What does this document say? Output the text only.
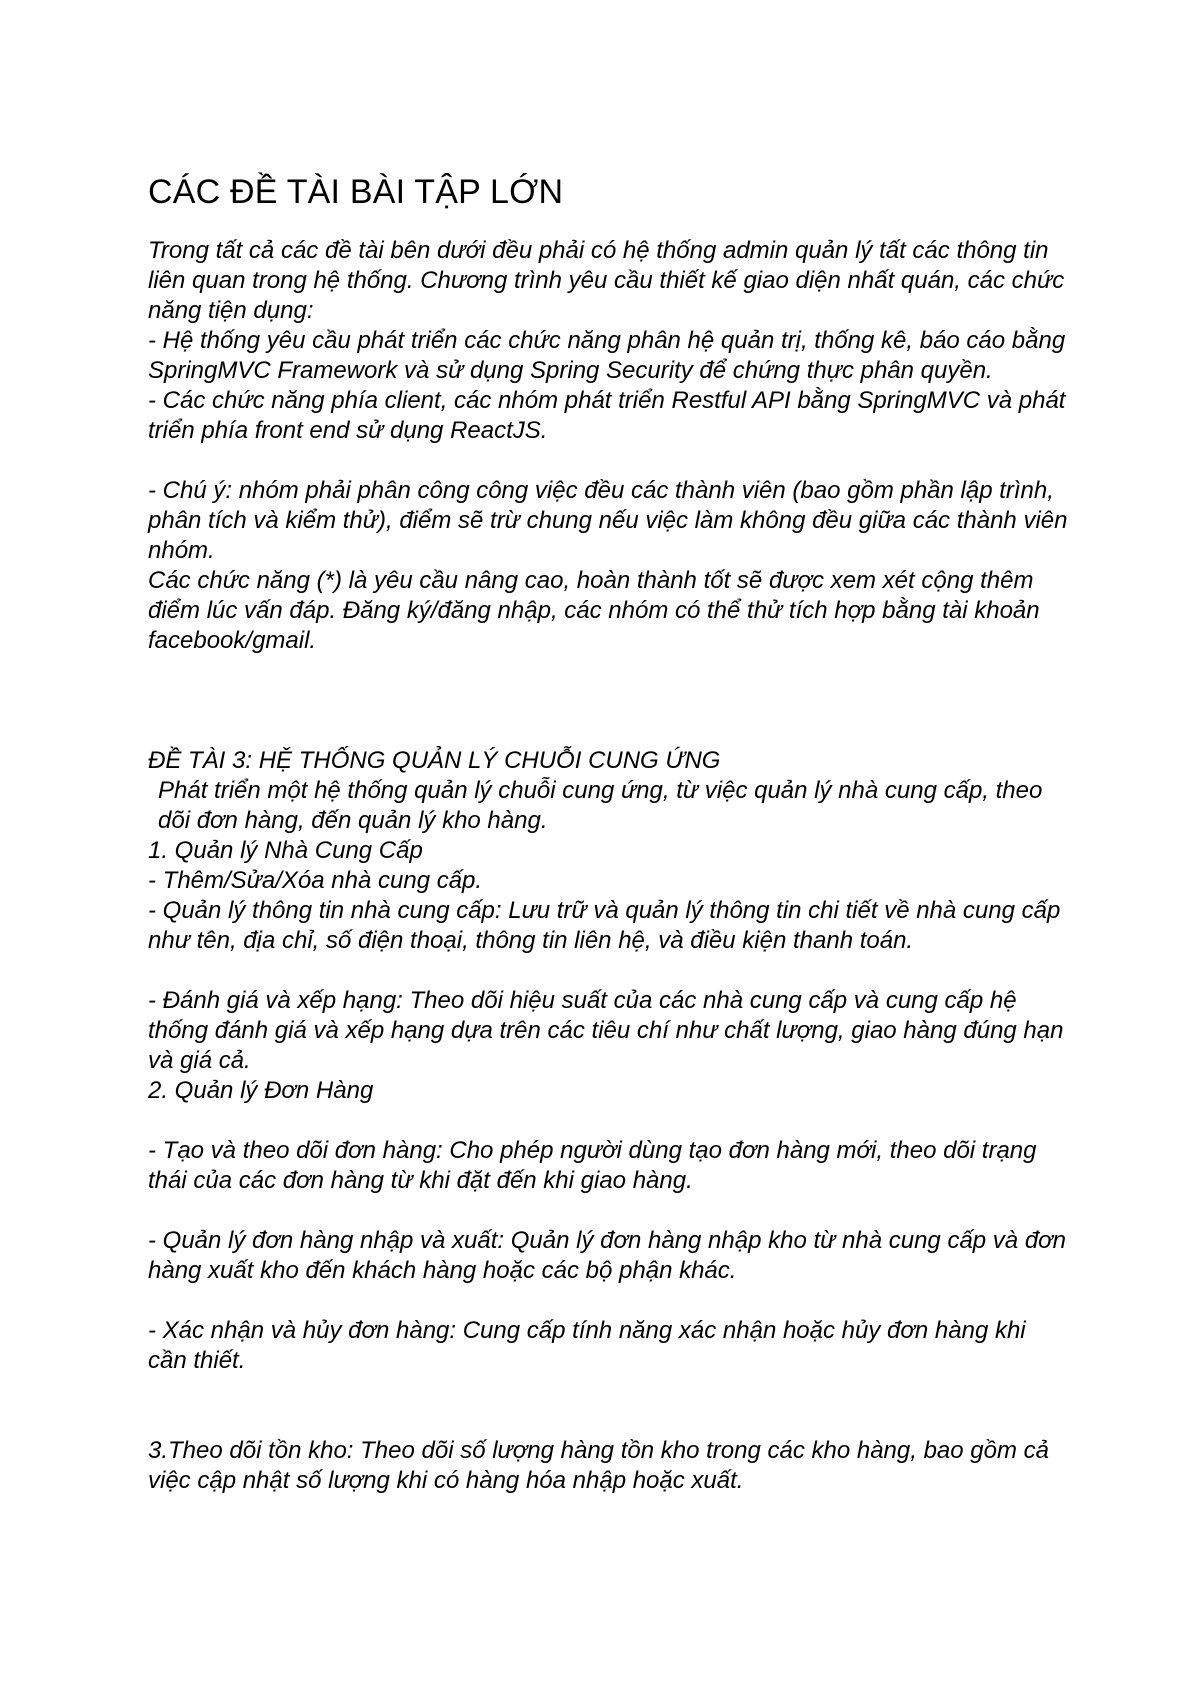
CÁC ĐỀ TÀI BÀI TẬP LỚN

Trong tất cả các đề tài bên dưới đều phải có hệ thống admin quản lý tất các thông tin liên quan trong hệ thống. Chương trình yêu cầu thiết kế giao diện nhất quán, các chức năng tiện dụng:

- Hệ thống yêu cầu phát triển các chức năng phân hệ quản trị, thống kê, báo cáo bằng SpringMVC Framework và sử dụng Spring Security để chứng thực phân quyền.

- Các chức năng phía client, các nhóm phát triển Restful API bằng SpringMVC và phát triển phía front end sử dụng ReactJS.

- Chú ý: nhóm phải phân công công việc đều các thành viên (bao gồm phần lập trình, phân tích và kiểm thử), điểm sẽ trừ chung nếu việc làm không đều giữa các thành viên nhóm.

Các chức năng (*) là yêu cầu nâng cao, hoàn thành tốt sẽ được xem xét cộng thêm điểm lúc vấn đáp. Đăng ký/đăng nhập, các nhóm có thể thử tích hợp bằng tài khoản facebook/gmail.

ĐỀ TÀI 3: HỆ THỐNG QUẢN LÝ CHUỖI CUNG ỨNG

Phát triển một hệ thống quản lý chuỗi cung ứng, từ việc quản lý nhà cung cấp, theo dõi đơn hàng, đến quản lý kho hàng.

1. Quản lý Nhà Cung Cấp

- Thêm/Sửa/Xóa nhà cung cấp.

- Quản lý thông tin nhà cung cấp: Lưu trữ và quản lý thông tin chi tiết về nhà cung cấp như tên, địa chỉ, số điện thoại, thông tin liên hệ, và điều kiện thanh toán.

- Đánh giá và xếp hạng: Theo dõi hiệu suất của các nhà cung cấp và cung cấp hệ thống đánh giá và xếp hạng dựa trên các tiêu chí như chất lượng, giao hàng đúng hạn và giá cả.

2. Quản lý Đơn Hàng

- Tạo và theo dõi đơn hàng: Cho phép người dùng tạo đơn hàng mới, theo dõi trạng thái của các đơn hàng từ khi đặt đến khi giao hàng.

- Quản lý đơn hàng nhập và xuất: Quản lý đơn hàng nhập kho từ nhà cung cấp và đơn hàng xuất kho đến khách hàng hoặc các bộ phận khác.

- Xác nhận và hủy đơn hàng: Cung cấp tính năng xác nhận hoặc hủy đơn hàng khi cần thiết.

3.Theo dõi tồn kho: Theo dõi số lượng hàng tồn kho trong các kho hàng, bao gồm cả việc cập nhật số lượng khi có hàng hóa nhập hoặc xuất.
